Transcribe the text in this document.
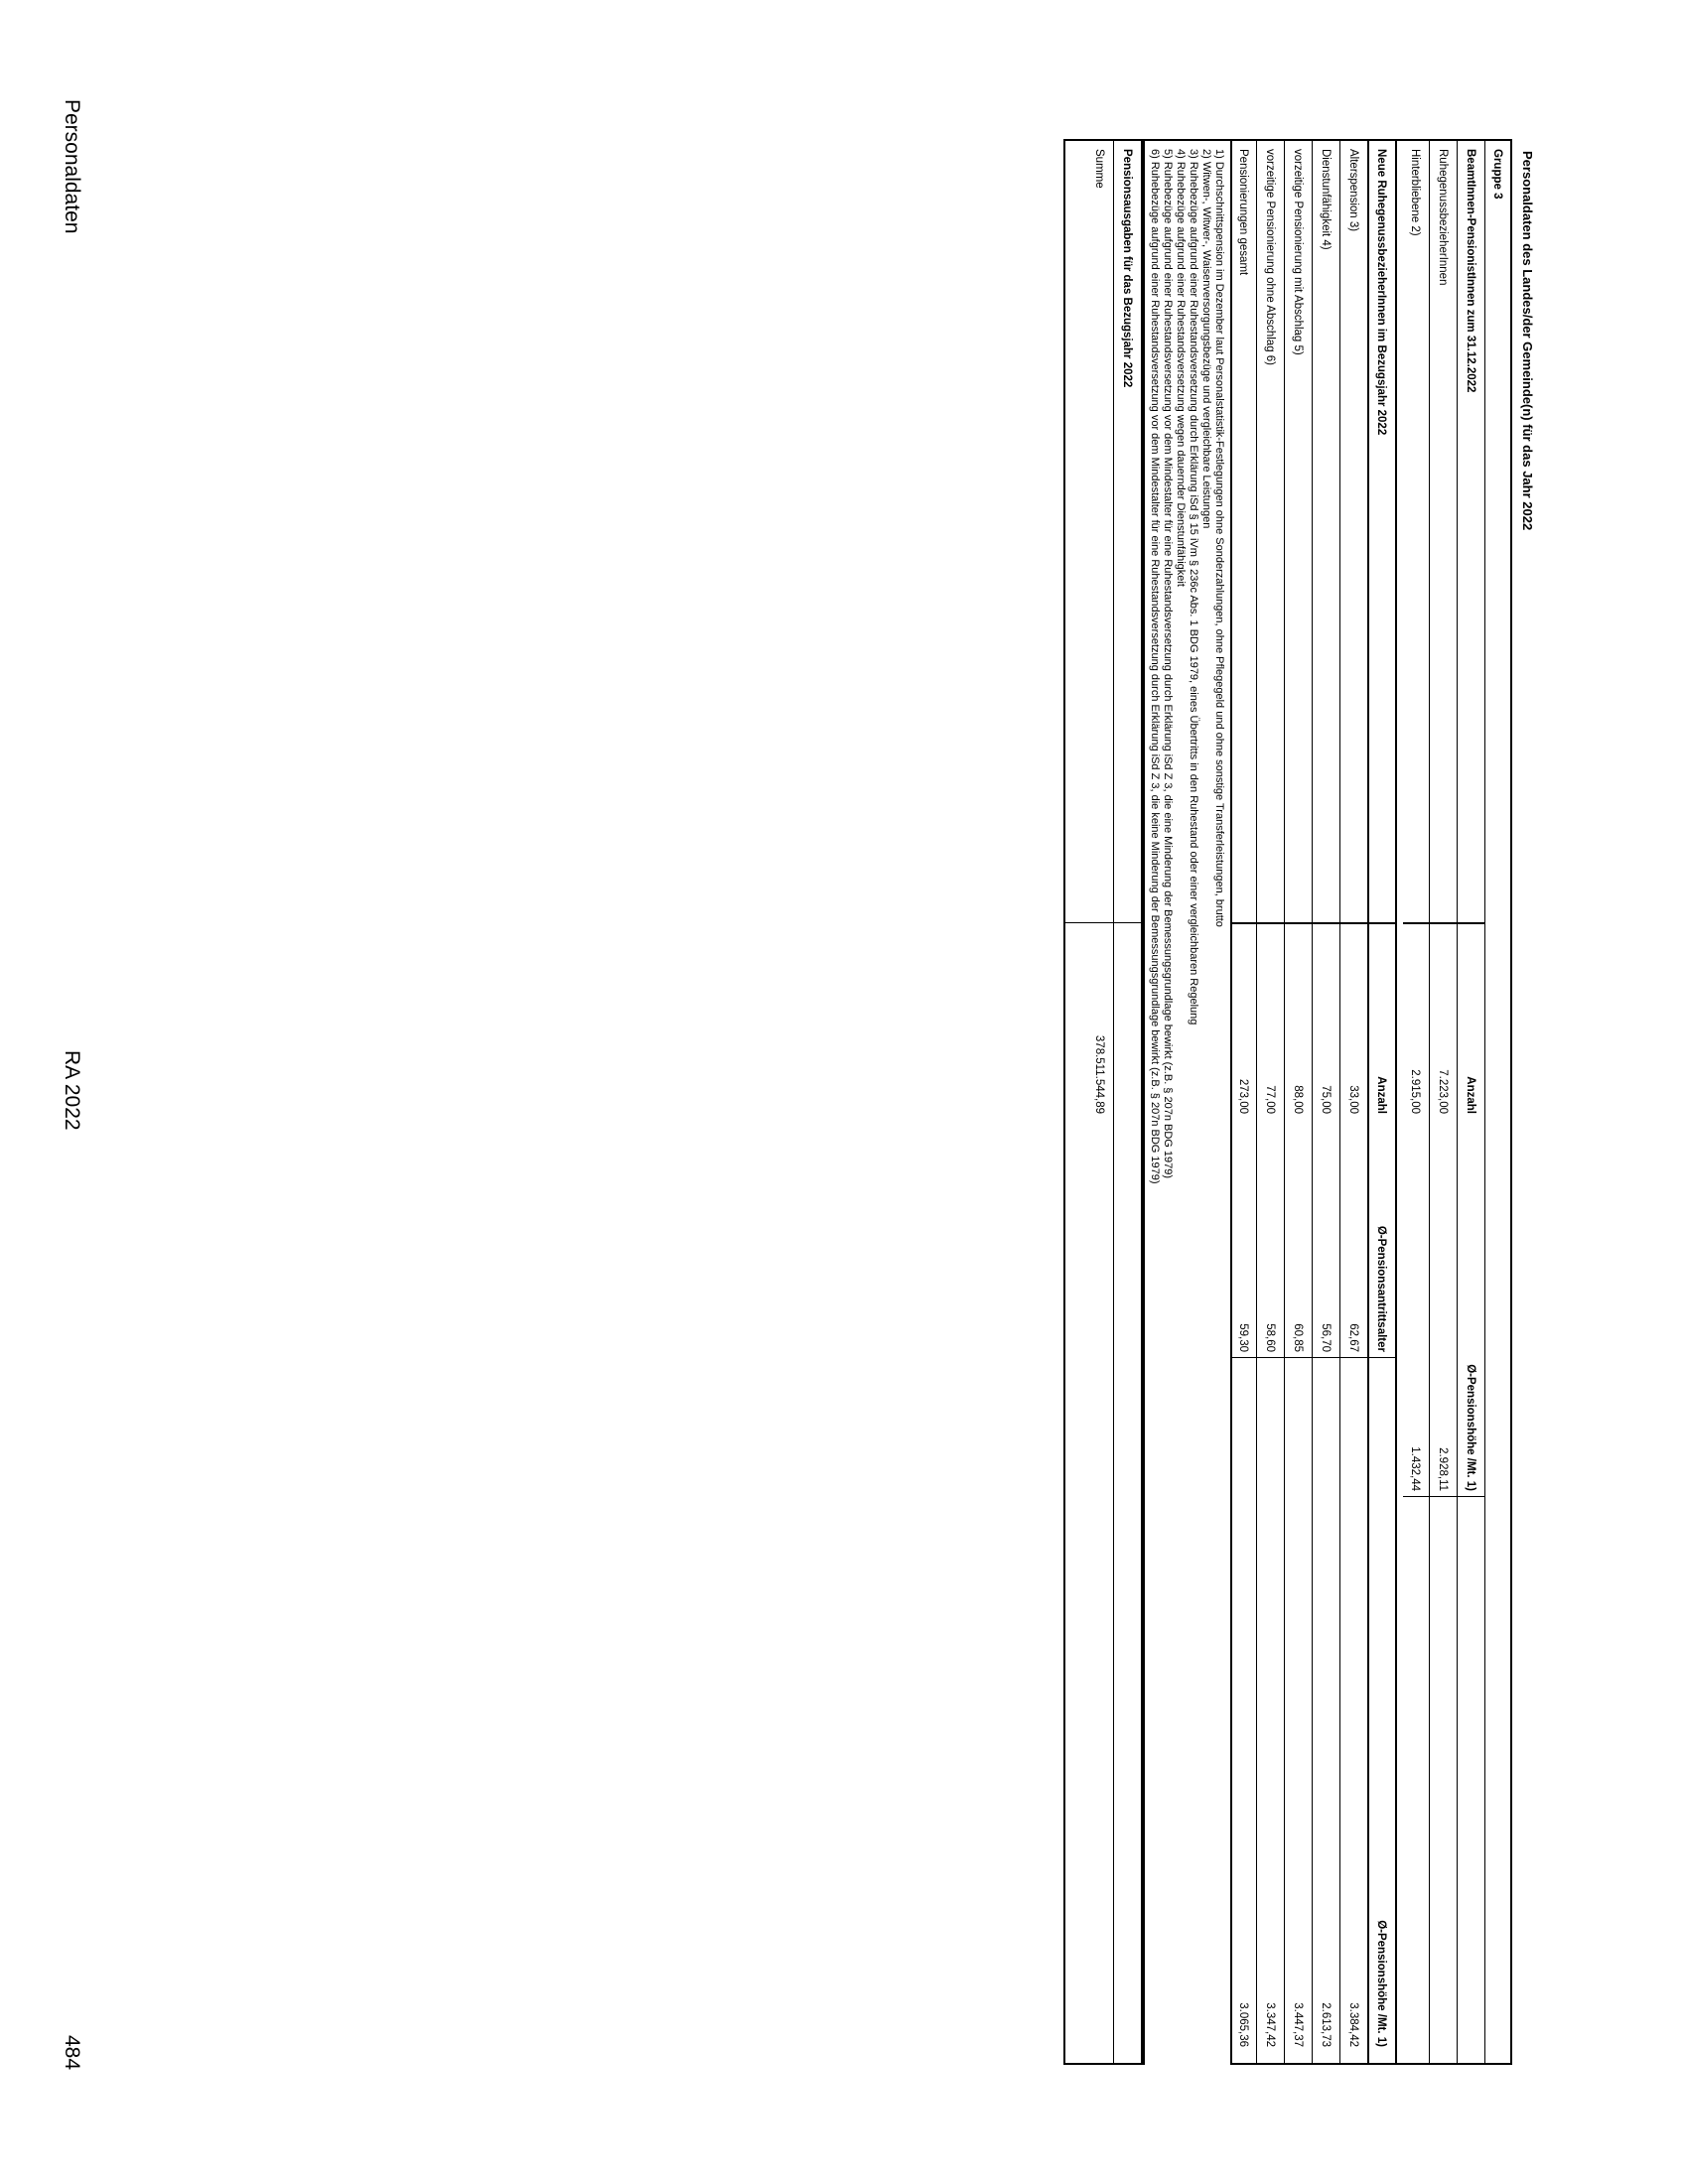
Personaldaten des Landes/der Gemeinde(n) für das Jahr 2022
Gruppe 3
BeamtInnen-PensionistInnen zum 31.12.2022
Anzahl
Ø-Pensionshöhe /Mt. 1)
RuhegenussbezieherInnen
7.223,00
2.928,11
Hinterbliebene 2)
2.915,00
1.432,44
Neue RuhegenussbezieherInnen im Bezugsjahr 2022
Anzahl
Ø-Pensionsantrittsalter
Ø-Pensionshöhe /Mt. 1)
Alterspension 3)
33,00
62,67
3.384,42
Dienstunfähigkeit 4)
75,00
56,70
2.613,73
vorzeitige Pensionierung mit Abschlag 5)
88,00
60,85
3.447,37
vorzeitige Pensionierung ohne Abschlag 6)
77,00
58,60
3.347,42
Pensionierungen gesamt
273,00
59,30
3.065,36
1) Durchschnittspension im Dezember laut Personalstatistik-Festlegungen ohne Sonderzahlungen, ohne Pflegegeld und ohne sonstige Transferleistungen, brutto
2) Witwen-, Witwer-, Waisenversorgungsbezüge und vergleichbare Leistungen
3) Ruhebezüge aufgrund einer Ruhestandsversetzung durch Erklärung iSd § 15 iVm § 236c Abs. 1 BDG 1979, eines Übertritts in den Ruhestand oder einer vergleichbaren Regelung
4) Ruhebezüge aufgrund einer Ruhestandsversetzung wegen dauernder Dienstunfähigkeit
5) Ruhebezüge aufgrund einer Ruhestandsversetzung vor dem Mindestalter für eine Ruhestandsversetzung durch Erklärung iSd Z 3, die eine Minderung der Bemessungsgrundlage bewirkt (z.B. § 207n BDG 1979)
6) Ruhebezüge aufgrund einer Ruhestandsversetzung vor dem Mindestalter für eine Ruhestandsversetzung durch Erklärung iSd Z 3, die keine Minderung der Bemessungsgrundlage bewirkt (z.B. § 207n BDG 1979)
Pensionsausgaben für das Bezugsjahr 2022
Summe
378.511.544,89
Personaldaten
RA 2022
484
